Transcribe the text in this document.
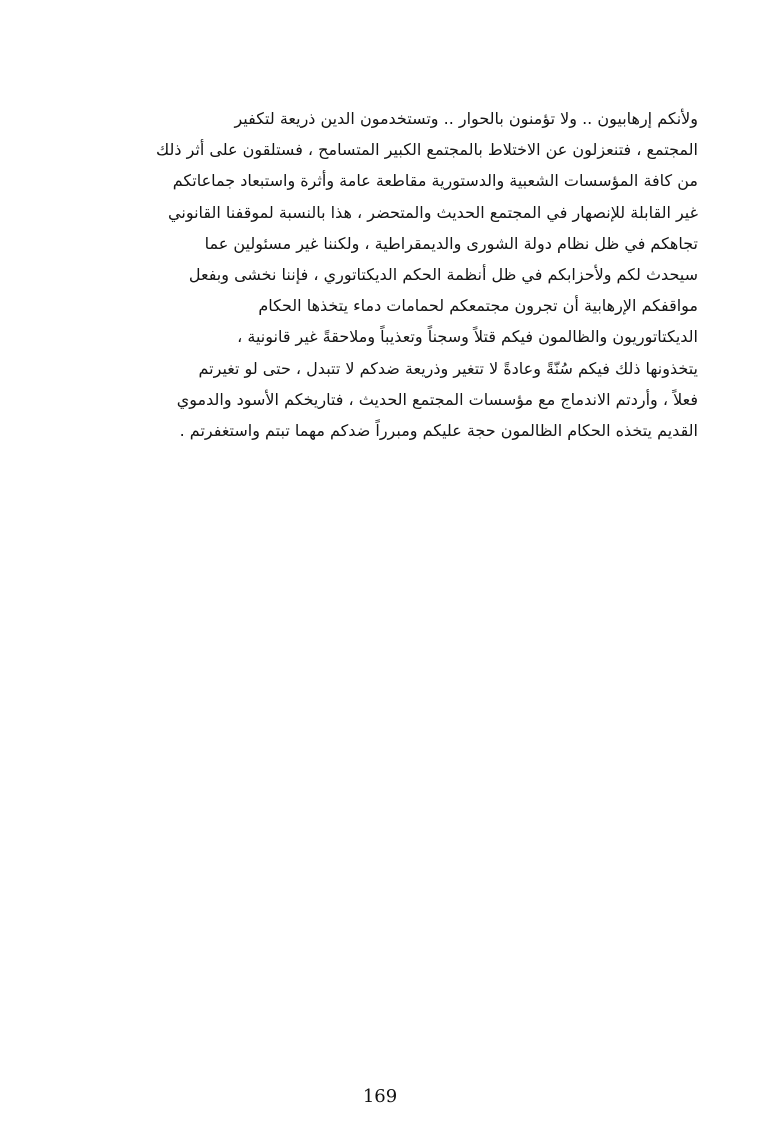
ولأنكم إرهابيون .. ولا تؤمنون بالحوار .. وتستخدمون الدين ذريعة لتكفير
المجتمع ، فتنعزلون عن الاختلاط بالمجتمع الكبير المتسامح ، فستلقون على أثر ذلك
من كافة المؤسسات الشعبية والدستورية مقاطعة عامة وأثرة واستبعاد جماعاتكم
غير القابلة للإنصهار في المجتمع الحديث والمتحضر ، هذا بالنسبة لموقفنا القانوني
تجاهكم في ظل نظام دولة الشورى والديمقراطية ، ولكننا غير مسئولين عما
سيحدث لكم ولأحزابكم في ظل أنظمة الحكم الديكتاتوري ، فإننا نخشى وبفعل
مواقفكم الإرهابية أن تجرون مجتمعكم لحمامات دماء يتخذها الحكام
الديكتاتوريون والظالمون فيكم قتلاً وسجناً وتعذيباً وملاحقةً غير قانونية ،
يتخذونها ذلك فيكم سُنّةً وعادةً لا تتغير وذريعة ضدكم لا تتبدل ، حتى لو تغيرتم
فعلاً ، وأردتم الاندماج مع مؤسسات المجتمع الحديث ، فتاريخكم الأسود والدموي
القديم يتخذه الحكام الظالمون حجة عليكم ومبرراً ضدكم مهما تبتم واستغفرتم .
169
